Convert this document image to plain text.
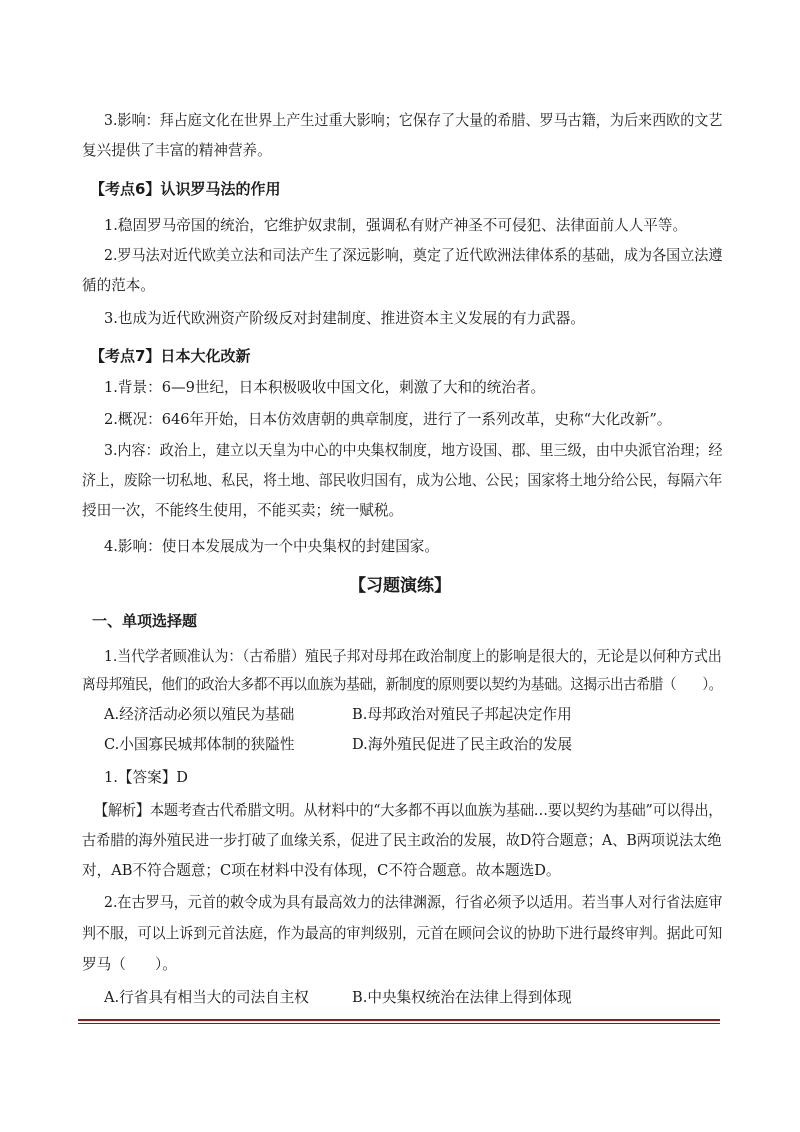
3.影响：拜占庭文化在世界上产生过重大影响；它保存了大量的希腊、罗马古籍，为后来西欧的文艺

复兴提供了丰富的精神营养。

【考点6】认识罗马法的作用

1.稳固罗马帝国的统治，它维护奴隶制，强调私有财产神圣不可侵犯、法律面前人人平等。

2.罗马法对近代欧美立法和司法产生了深远影响，奠定了近代欧洲法律体系的基础，成为各国立法遵

循的范本。

3.也成为近代欧洲资产阶级反对封建制度、推进资本主义发展的有力武器。

【考点7】日本大化改新

1.背景：6—9世纪，日本积极吸收中国文化，刺激了大和的统治者。

2.概况：646年开始，日本仿效唐朝的典章制度，进行了一系列改革，史称“大化改新”。

3.内容：政治上，建立以天皇为中心的中央集权制度，地方设国、郡、里三级，由中央派官治理；经

济上，废除一切私地、私民，将土地、部民收归国有，成为公地、公民；国家将土地分给公民，每隔六年

授田一次，不能终生使用，不能买卖；统一赋税。

4.影响：使日本发展成为一个中央集权的封建国家。

【习题演练】

一、单项选择题

1.当代学者顾准认为：（古希腊）殖民子邦对母邦在政治制度上的影响是很大的，无论是以何种方式出

离母邦殖民，他们的政治大多都不再以血族为基础，新制度的原则要以契约为基础。这揭示出古希腊（　　）。

A.经济活动必须以殖民为基础	B.母邦政治对殖民子邦起决定作用

C.小国寡民城邦体制的狭隘性	D.海外殖民促进了民主政治的发展

1.【答案】D

【解析】本题考查古代希腊文明。从材料中的“大多都不再以血族为基础…要以契约为基础”可以得出，

古希腊的海外殖民进一步打破了血缘关系，促进了民主政治的发展，故D符合题意；A、B两项说法太绝

对，AB不符合题意；C项在材料中没有体现，C不符合题意。故本题选D。

2.在古罗马，元首的敕令成为具有最高效力的法律渊源，行省必须予以适用。若当事人对行省法庭审

判不服，可以上诉到元首法庭，作为最高的审判级别，元首在顾问会议的协助下进行最终审判。据此可知

罗马（　　）。

A.行省具有相当大的司法自主权	B.中央集权统治在法律上得到体现
